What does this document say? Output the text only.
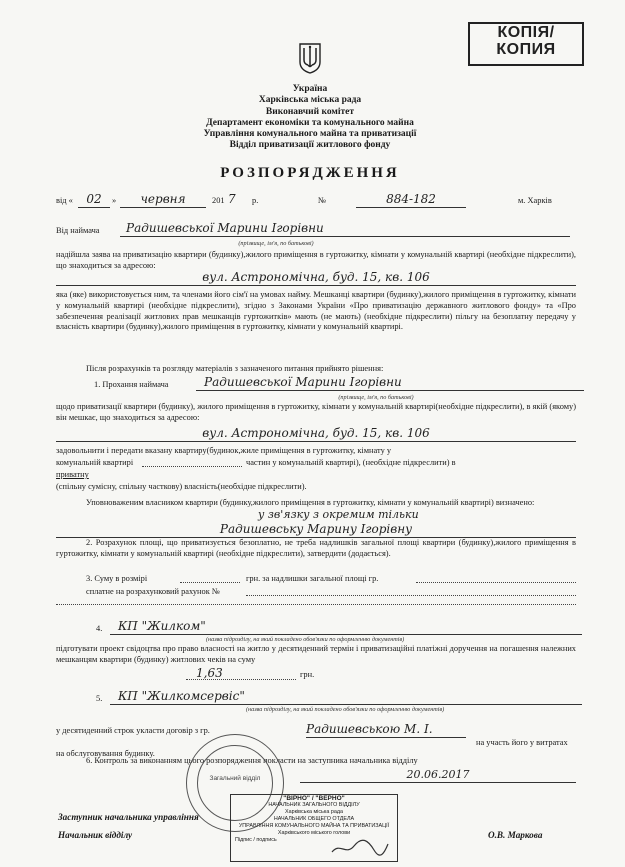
КОПІЯ/
КОПИЯ
Україна
Харківська міська рада
Виконавчий комітет
Департамент економіки та комунального майна
Управління комунального майна та приватизації
Відділ приватизації житлового фонду
РОЗПОРЯДЖЕННЯ
від «	02	»	червня	201 7 р.	№	884-182	м. Харків
Від наймача	Радишевської Марини Ігорівни
(прізвище, ім'я, по батькові)
надійшла заява на приватизацію квартири (будинку),жилого приміщення в гуртожитку, кімнати у комунальній квартирі (необхідне підкреслити), що знаходиться за адресою:
вул. Астрономічна, буд. 15, кв. 106
яка (яке) використовується ним, та членами його сім'ї на умовах найму. Мешканці квартири (будинку),жилого приміщення в гуртожитку, кімнати у комунальній квартирі (необхідне підкреслити), згідно з Законами України «Про приватизацію державного житлового фонду» та «Про забезпечення реалізації житлових прав мешканців гуртожитків» мають (не мають) (необхідне підкреслити) пільгу на безоплатну передачу у власність квартири (будинку),жилого приміщення в гуртожитку, кімнати у комунальній квартирі.
Після розрахунків та розгляду матеріалів з зазначеного питання прийнято рішення:
1. Прохання наймача	Радишевської Марини Ігорівни
(прізвище, ім'я, по батькові)
щодо приватизації квартири (будинку), жилого приміщення в гуртожитку, кімнати у комунальній квартирі(необхідне підкреслити), в якій (якому) він мешкає, що знаходиться за адресою:
вул. Астрономічна, буд. 15, кв. 106
задовольнити і передати вказану квартиру(будинок,жиле приміщення в гуртожитку, кімнату у
комунальній квартирі	частин у комунальній квартирі), (необхідне підкреслити) в
приватну
(спільну сумісну, спільну часткову) власність(необхідне підкреслити).
Уповноваженим власником квартири (будинку,жилого приміщення в гуртожитку, кімнати у комунальній квартирі) визначено:
у зв'язку з окремим тільки
Радишевську Марину Ігорівну
2. Розрахунок площі, що приватизується безоплатно, не треба надлишків загальної площі квартири (будинку),жилого приміщення в гуртожитку, кімнати у комунальній квартирі (необхідне підкреслити), затвердити (додається).
3. Суму в розмірі	грн. за надлишки загальної площі гр.
сплатне на розрахунковий рахунок №
4.	КП "Жилком"
(назва підрозділу, на який покладено обов'язки по оформленню документів)
підготувати проект свідоцтва про право власності на житло у десятиденний термін і приватизаційні платіжні доручення на погашення належних мешканцям квартири (будинку) житлових чеків на суму
1,63	грн.
5.	КП "Жилкомсервіс"
(назва підрозділу, на який покладено обов'язки по оформленню документів)
у десятиденний строк укласти договір з гр.	Радишевською М. І.
на участь його у витратах на обслуговування будинку.
6. Контроль за виконанням цього розпорядження покласти на заступника начальника відділу
20.06.2017
Загальний відділ
"ВІРНО" / "ВЕРНО"
НАЧАЛЬНИК ЗАГАЛЬНОГО ВІДДІЛУ
Харківська міська рада
НАЧАЛЬНИК ОБЩЕГО ОТДЕЛА
УПРАВЛІННЯ КОМУНАЛЬНОГО МАЙНА ТА ПРИВАТИЗАЦІЇ
Харківського міського голови
Підпис / подпись
Заступник начальника управління
Начальник відділу	О.В. Маркова
